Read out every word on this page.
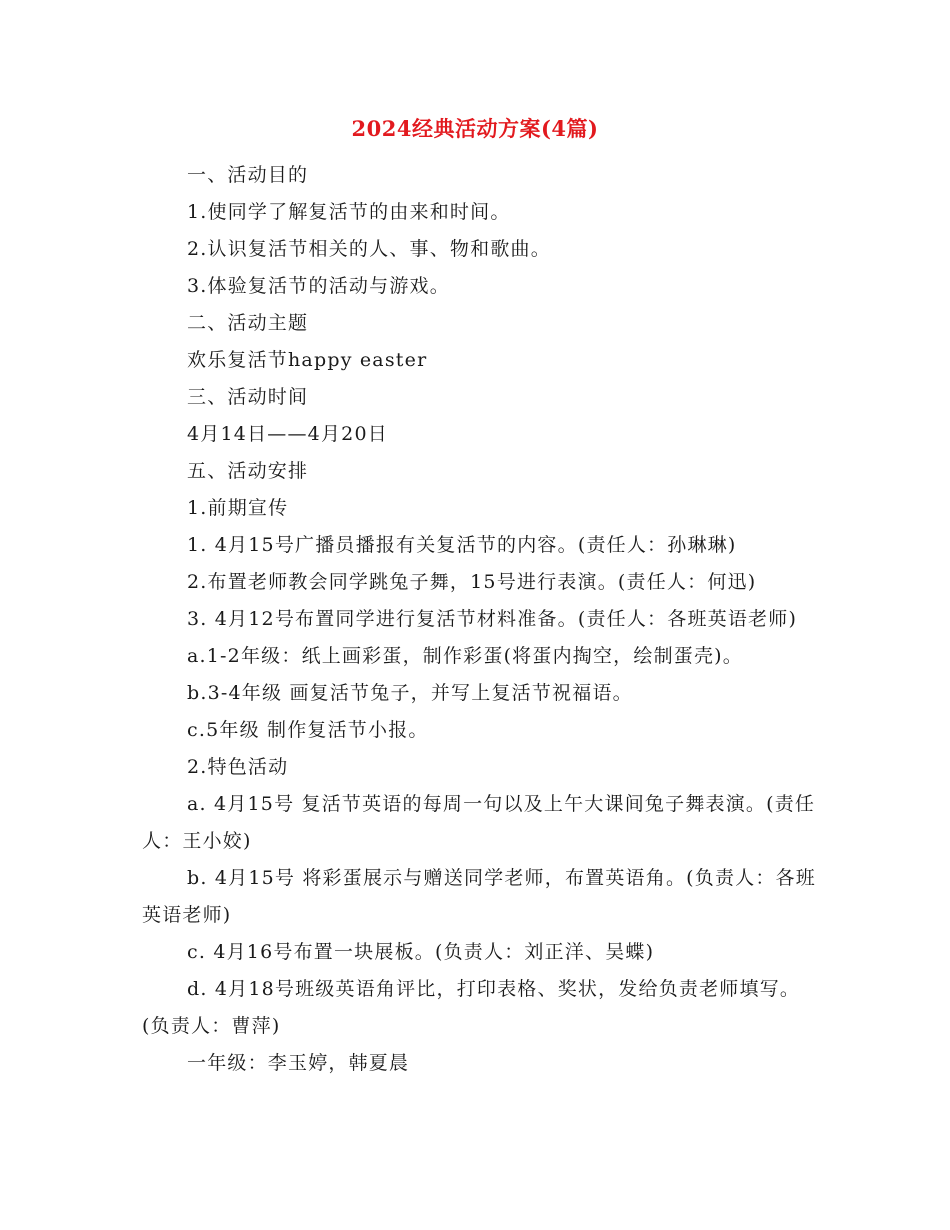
2024经典活动方案(4篇)

一、活动目的

1.使同学了解复活节的由来和时间。

2.认识复活节相关的人、事、物和歌曲。

3.体验复活节的活动与游戏。

二、活动主题

欢乐复活节happy easter

三、活动时间

4月14日——4月20日

五、活动安排

1.前期宣传

1. 4月15号广播员播报有关复活节的内容。(责任人：孙琳琳)

2.布置老师教会同学跳兔子舞，15号进行表演。(责任人：何迅)

3. 4月12号布置同学进行复活节材料准备。(责任人：各班英语老师)

a.1-2年级：纸上画彩蛋，制作彩蛋(将蛋内掏空，绘制蛋壳)。

b.3-4年级 画复活节兔子，并写上复活节祝福语。

c.5年级 制作复活节小报。

2.特色活动

a. 4月15号 复活节英语的每周一句以及上午大课间兔子舞表演。(责任人：王小姣)

b. 4月15号 将彩蛋展示与赠送同学老师，布置英语角。(负责人：各班英语老师)

c. 4月16号布置一块展板。(负责人：刘正洋、吴蝶)

d. 4月18号班级英语角评比，打印表格、奖状，发给负责老师填写。(负责人：曹萍)

一年级：李玉婷，韩夏晨
